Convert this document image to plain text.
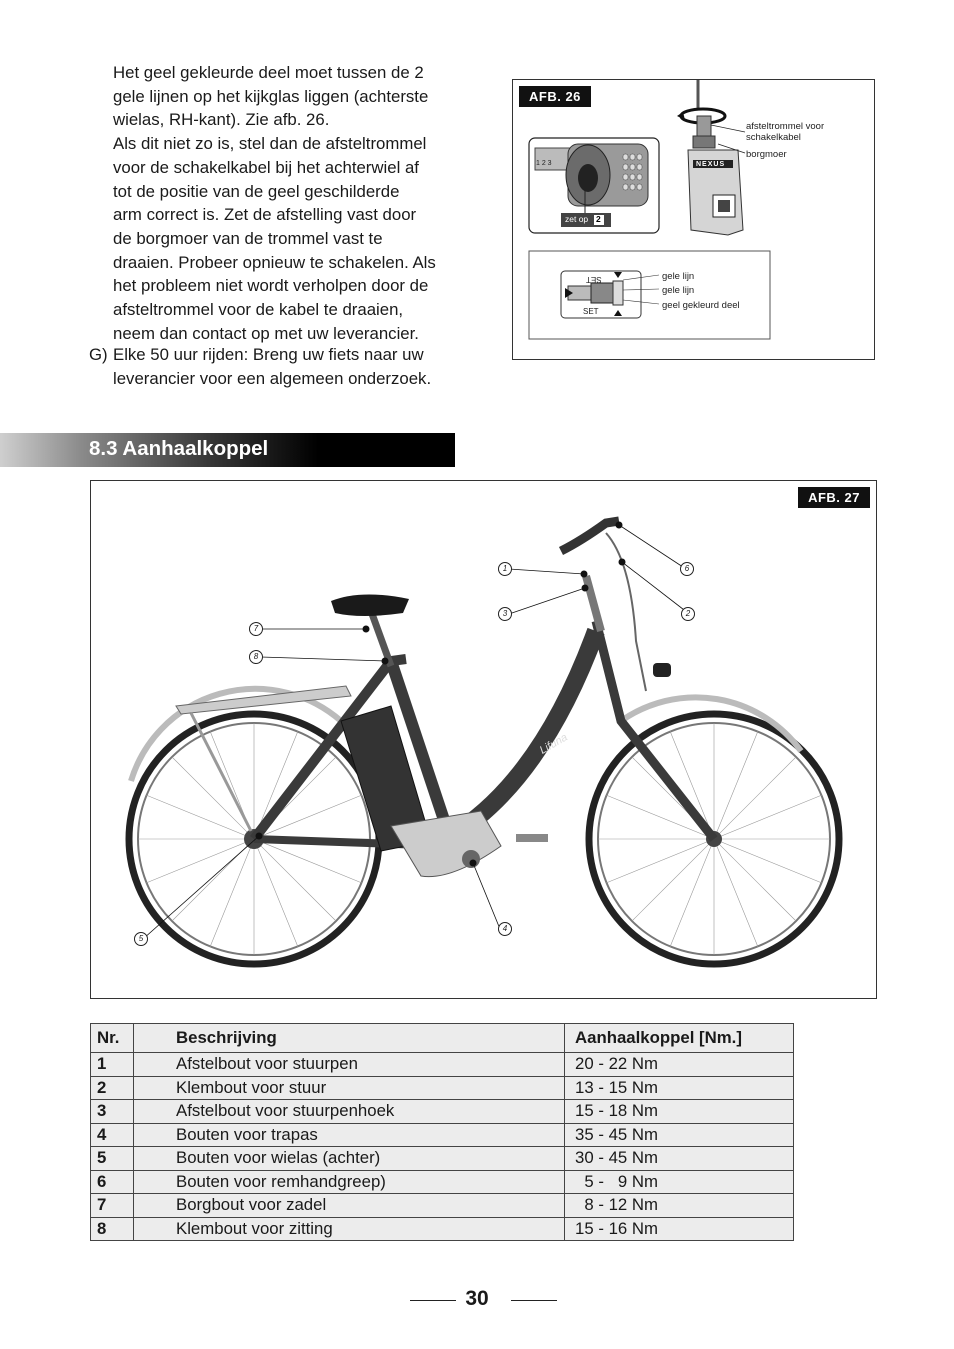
Het geel gekleurde deel moet tussen de 2
gele lijnen op het kijkglas liggen (achterste
wielas, RH-kant). Zie afb. 26.
Als dit niet zo is, stel dan de afsteltrommel
voor de schakelkabel bij het achterwiel af
tot de positie van de geel geschilderde
arm correct is. Zet de afstelling vast door
de borgmoer van de trommel vast te
draaien. Probeer opnieuw te schakelen. Als
het probleem niet wordt verholpen door de
afsteltrommel voor de kabel te draaien,
neem dan contact op met uw leverancier.
G) Elke 50 uur rijden: Breng uw fiets naar uw
leverancier voor een algemeen onderzoek.
AFB. 26
1 2 3
zet op 2
NEXUS
afsteltrommel voor
schakelkabel
borgmoer
SET
SET
gele lijn
gele lijn
geel gekleurd deel
8.3 Aanhaalkoppel
AFB. 27
Lifuna
1
2
3
4
5
6
7
8
Nr.	Beschrijving	Aanhaalkoppel [Nm.]
1	Afstelbout voor stuurpen	20 - 22 Nm
2	Klembout voor stuur	13 - 15 Nm
3	Afstelbout voor stuurpenhoek	15 - 18 Nm
4	Bouten voor trapas	35 - 45 Nm
5	Bouten voor wielas (achter)	30 - 45 Nm
6	Bouten voor remhandgreep)	5 -   9 Nm
7	Borgbout voor zadel	8 - 12 Nm
8	Klembout voor zitting	15 - 16 Nm
30
